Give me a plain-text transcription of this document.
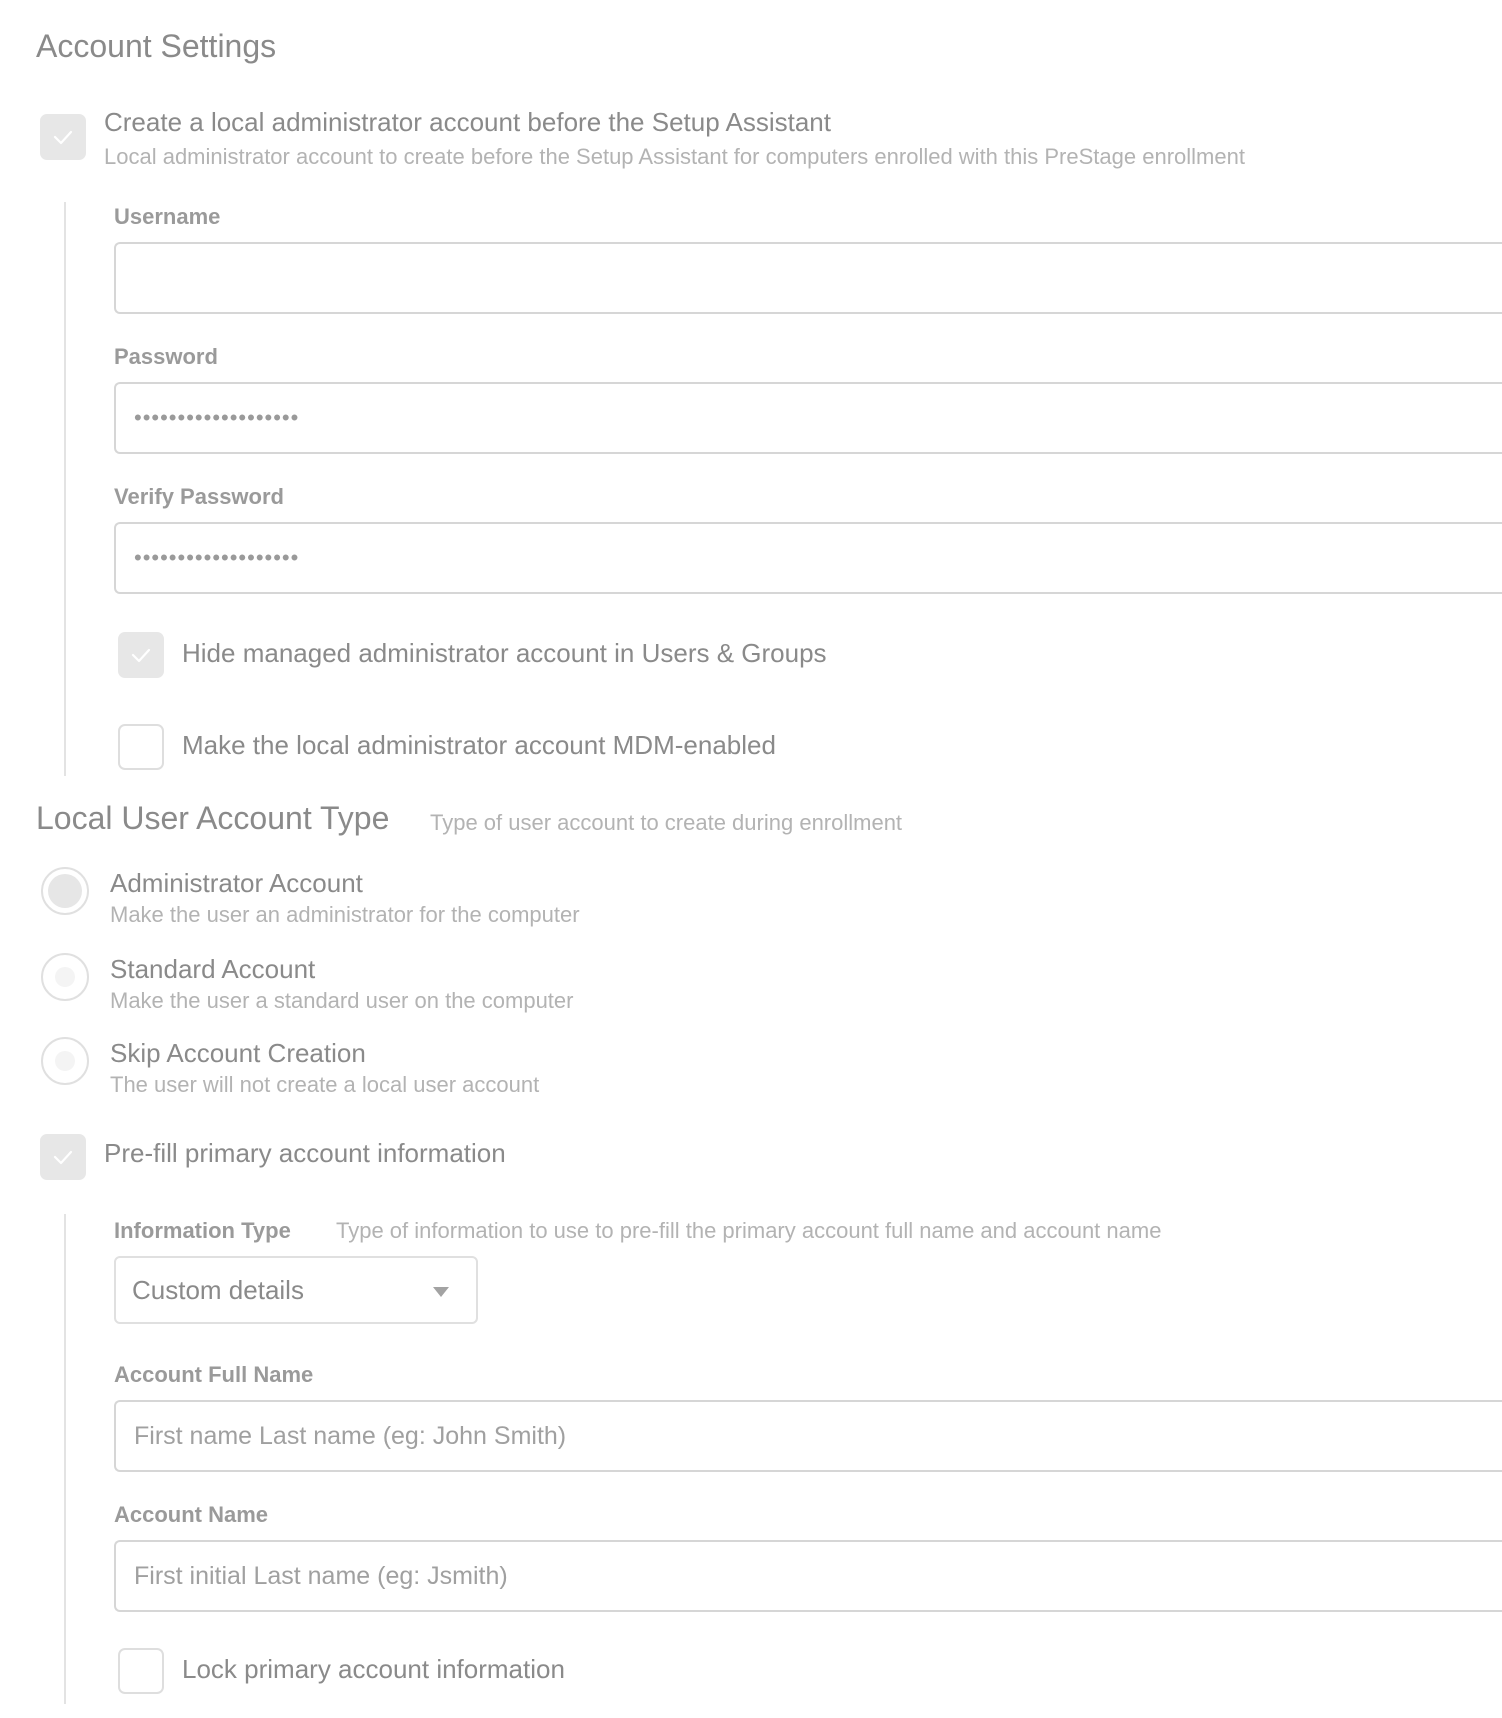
Account Settings
Create a local administrator account before the Setup Assistant
Local administrator account to create before the Setup Assistant for computers enrolled with this PreStage enrollment
Username
Password
•••••••••••••••••••
Verify Password
•••••••••••••••••••
Hide managed administrator account in Users & Groups
Make the local administrator account MDM-enabled
Local User Account Type Type of user account to create during enrollment
Administrator Account
Make the user an administrator for the computer
Standard Account
Make the user a standard user on the computer
Skip Account Creation
The user will not create a local user account
Pre-fill primary account information
Information Type Type of information to use to pre-fill the primary account full name and account name
Custom details
Account Full Name
First name Last name (eg: John Smith)
Account Name
First initial Last name (eg: Jsmith)
Lock primary account information
